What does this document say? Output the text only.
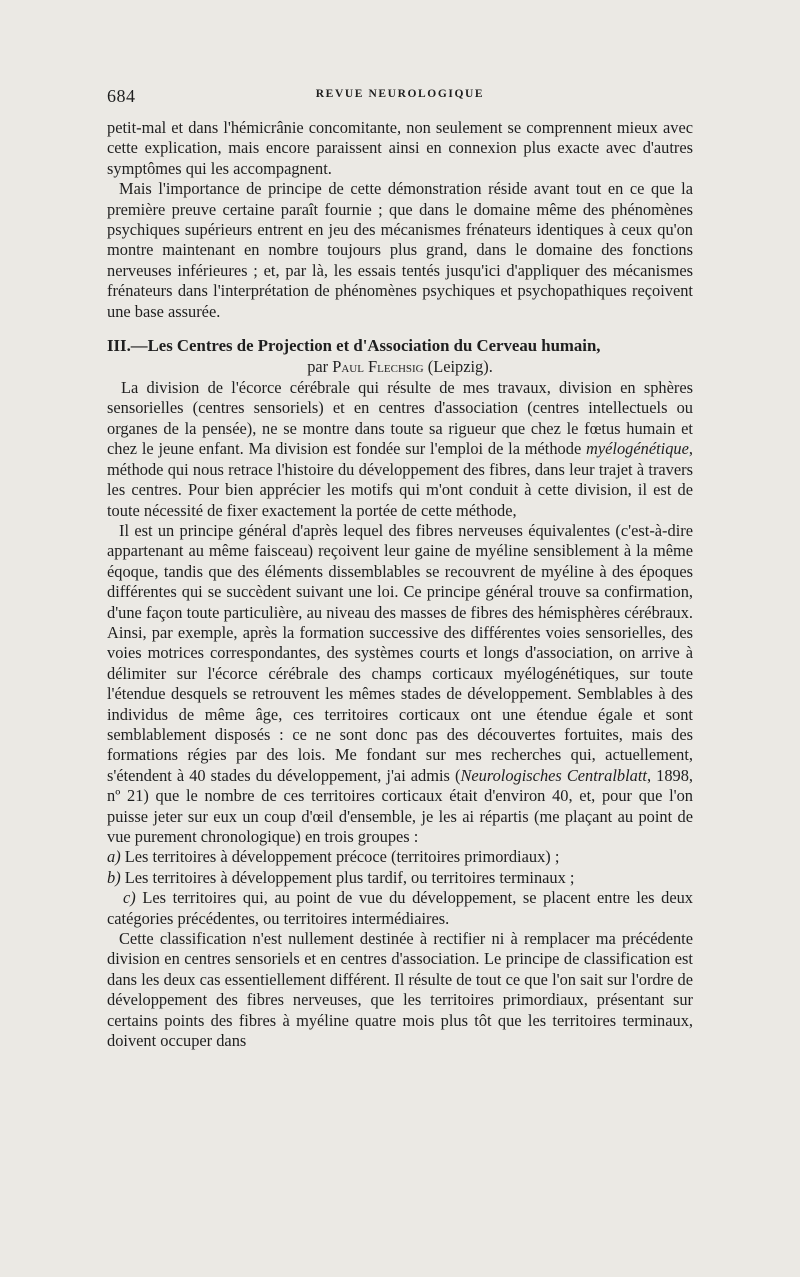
684	REVUE NEUROLOGIQUE

petit-mal et dans l'hémicrânie concomitante, non seulement se comprennent mieux avec cette explication, mais encore paraissent ainsi en connexion plus exacte avec d'autres symptômes qui les accompagnent.

Mais l'importance de principe de cette démonstration réside avant tout en ce que la première preuve certaine paraît fournie ; que dans le domaine même des phénomènes psychiques supérieurs entrent en jeu des mécanismes frénateurs identiques à ceux qu'on montre maintenant en nombre toujours plus grand, dans le domaine des fonctions nerveuses inférieures ; et, par là, les essais tentés jusqu'ici d'appliquer des mécanismes frénateurs dans l'interprétation de phénomènes psychiques et psychopathiques reçoivent une base assurée.

III.—Les Centres de Projection et d'Association du Cerveau humain,

par Paul Flechsig (Leipzig).

La division de l'écorce cérébrale qui résulte de mes travaux, division en sphères sensorielles (centres sensoriels) et en centres d'association (centres intellectuels ou organes de la pensée), ne se montre dans toute sa rigueur que chez le fœtus humain et chez le jeune enfant. Ma division est fondée sur l'emploi de la méthode myélogénétique, méthode qui nous retrace l'histoire du développement des fibres, dans leur trajet à travers les centres. Pour bien apprécier les motifs qui m'ont conduit à cette division, il est de toute nécessité de fixer exactement la portée de cette méthode,

Il est un principe général d'après lequel des fibres nerveuses équivalentes (c'est-à-dire appartenant au même faisceau) reçoivent leur gaine de myéline sensiblement à la même éqoque, tandis que des éléments dissemblables se recouvrent de myéline à des époques différentes qui se succèdent suivant une loi. Ce principe général trouve sa confirmation, d'une façon toute particulière, au niveau des masses de fibres des hémisphères cérébraux. Ainsi, par exemple, après la formation successive des différentes voies sensorielles, des voies motrices correspondantes, des systèmes courts et longs d'association, on arrive à délimiter sur l'écorce cérébrale des champs corticaux myélogénétiques, sur toute l'étendue desquels se retrouvent les mêmes stades de développement. Semblables à des individus de même âge, ces territoires corticaux ont une étendue égale et sont semblablement disposés : ce ne sont donc pas des découvertes fortuites, mais des formations régies par des lois. Me fondant sur mes recherches qui, actuellement, s'étendent à 40 stades du développement, j'ai admis (Neurologisches Centralblatt, 1898, nº 21) que le nombre de ces territoires corticaux était d'environ 40, et, pour que l'on puisse jeter sur eux un coup d'œil d'ensemble, je les ai répartis (me plaçant au point de vue purement chronologique) en trois groupes :

a) Les territoires à développement précoce (territoires primordiaux) ;

b) Les territoires à développement plus tardif, ou territoires terminaux ;

c) Les territoires qui, au point de vue du développement, se placent entre les deux catégories précédentes, ou territoires intermédiaires.

Cette classification n'est nullement destinée à rectifier ni à remplacer ma précédente division en centres sensoriels et en centres d'association. Le principe de classification est dans les deux cas essentiellement différent. Il résulte de tout ce que l'on sait sur l'ordre de développement des fibres nerveuses, que les territoires primordiaux, présentant sur certains points des fibres à myéline quatre mois plus tôt que les territoires terminaux, doivent occuper dans
